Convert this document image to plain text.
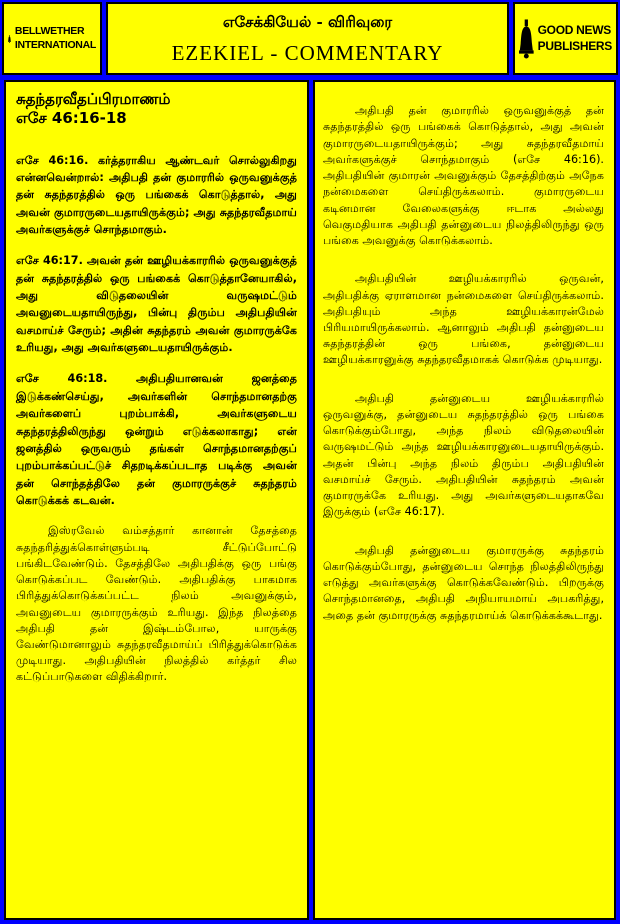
BELLWETHER
INTERNATIONAL
எசேக்கியேல் - விரிவுரை
EZEKIEL - COMMENTARY
GOOD NEWS
PUBLISHERS
சுதந்தரவீதப்பிரமாணம்
எசே 46:16-18

எசே 46:16. கர்த்தராகிய ஆண்டவர் சொல்லுகிறது என்னவென்றால்: அதிபதி தன் குமாரரில் ஒருவனுக்குத் தன் சுதந்தரத்தில் ஒரு பங்கைக் கொடுத்தால், அது அவன் குமாரருடையதாயிருக்கும்; அது சுதந்தரவீதமாய் அவர்களுக்குச் சொந்தமாகும்.

எசே 46:17. அவன் தன் ஊழியக்காரரில் ஒருவனுக்குத் தன் சுதந்தரத்தில் ஒரு பங்கைக் கொடுத்தானேயாகில், அது விடுதலையின் வருஷமட்டும் அவனுடையதாயிருந்து, பின்பு திரும்ப அதிபதியின் வசமாய்ச் சேரும்; அதின் சுதந்தரம் அவன் குமாரருக்கே உரியது, அது அவர்களுடையதாயிருக்கும்.

எசே 46:18. அதிபதியானவன் ஜனத்தை இடுக்கண்செய்து, அவர்களின் சொந்தமானதற்கு அவர்களைப் புறம்பாக்கி, அவர்களுடைய சுதந்தரத்திலிருந்து ஒன்றும் எடுக்கலாகாது; என் ஜனத்தில் ஒருவரும் தங்கள் சொந்தமானதற்குப் புறம்பாக்கப்பட்டுச் சிதறடிக்கப்படாத படிக்கு அவன் தன் சொந்தத்திலே தன் குமாரருக்குச் சுதந்தரம் கொடுக்கக் கடவன்.

இஸ்ரவேல் வம்சத்தார் கானான் தேசத்தை சுதந்தரித்துக்கொள்ளும்படி சீட்டுப்போட்டு பங்கிடவேண்டும். தேசத்திலே அதிபதிக்கு ஒரு பங்கு கொடுக்கப்பட வேண்டும். அதிபதிக்கு பாகமாக பிரித்துக்கொடுக்கப்பட்ட நிலம் அவனுக்கும், அவனுடைய குமாரருக்கும் உரியது. இந்த நிலத்தை அதிபதி தன் இஷ்டம்போல, யாருக்கு வேண்டுமானாலும் சுதந்தரவீதமாய்ப் பிரித்துக்கொடுக்க முடியாது. அதிபதியின் நிலத்தில் கர்த்தர் சில கட்டுப்பாடுகளை விதிக்கிறார்.

அதிபதி தன் குமாரரில் ஒருவனுக்குத் தன் சுதந்தரத்தில் ஒரு பங்கைக் கொடுத்தால், அது அவன் குமாரருடையதாயிருக்கும்; அது சுதந்தரவீதமாய் அவர்களுக்குச் சொந்தமாகும் (எசே 46:16). அதிபதியின் குமாரன் அவனுக்கும் தேசத்திற்கும் அநேக நன்மைகளை செய்திருக்கலாம். குமாரருடைய கடினமான வேலைகளுக்கு ஈடாக அல்லது வெகுமதியாக அதிபதி தன்னுடைய நிலத்திலிருந்து ஒரு பங்கை அவனுக்கு கொடுக்கலாம்.

அதிபதியின் ஊழியக்காரரில் ஒருவன், அதிபதிக்கு ஏராளமான நன்மைகளை செய்திருக்கலாம். அதிபதியும் அந்த ஊழியக்காரன்மேல் பிரியமாயிருக்கலாம். ஆனாலும் அதிபதி தன்னுடைய சுதந்தரத்தின் ஒரு பங்கை, தன்னுடைய ஊழியக்காரனுக்கு சுதந்தரவீதமாகக் கொடுக்க முடியாது.

அதிபதி தன்னுடைய ஊழியக்காரரில் ஒருவனுக்கு, தன்னுடைய சுதந்தரத்தில் ஒரு பங்கை கொடுக்கும்போது, அந்த நிலம் விடுதலையின் வருஷமட்டும் அந்த ஊழியக்காரனுடையதாயிருக்கும். அதன் பின்பு அந்த நிலம் திரும்ப அதிபதியின் வசமாய்ச் சேரும். அதிபதியின் சுதந்தரம் அவன் குமாரருக்கே உரியது. அது அவர்களுடையதாகவே இருக்கும் (எசே 46:17).

அதிபதி தன்னுடைய குமாரருக்கு சுதந்தரம் கொடுக்கும்போது, தன்னுடைய சொந்த நிலத்திலிருந்து எடுத்து அவர்களுக்கு கொடுக்கவேண்டும். பிறருக்கு சொந்தமானதை, அதிபதி அநியாயமாய் அபகரித்து, அதை தன் குமாரருக்கு சுதந்தரமாய்க் கொடுக்கக்கூடாது.
